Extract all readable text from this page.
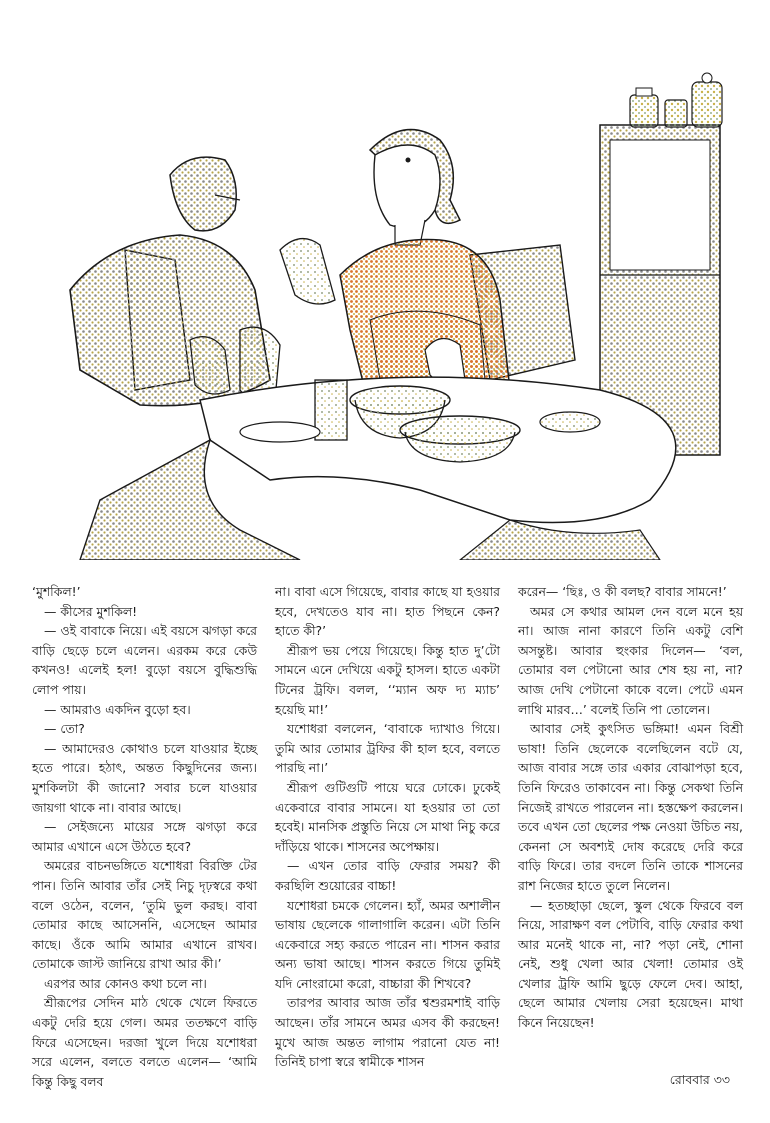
‘মুশকিল!’

— কীসের মুশকিল!

— ওই বাবাকে নিয়ে। এই বয়সে ঝগড়া করে বাড়ি ছেড়ে চলে এলেন। এরকম করে কেউ কখনও! এলেই হল! বুড়ো বয়সে বুদ্ধিশুদ্ধি লোপ পায়।

— আমরাও একদিন বুড়ো হব।

— তো?

— আমাদেরও কোথাও চলে যাওয়ার ইচ্ছে হতে পারে। হঠাৎ, অন্তত কিছুদিনের জন্য। মুশকিলটা কী জানো? সবার চলে যাওয়ার জায়গা থাকে না। বাবার আছে।

— সেইজন্যে মায়ের সঙ্গে ঝগড়া করে আমার এখানে এসে উঠতে হবে?

অমরের বাচনভঙ্গিতে যশোধরা বিরক্তি টের পান। তিনি আবার তাঁর সেই নিচু দৃঢ়স্বরে কথা বলে ওঠেন, বলেন, ‘তুমি ভুল করছ। বাবা তোমার কাছে আসেননি, এসেছেন আমার কাছে। ওঁকে আমি আমার এখানে রাখব। তোমাকে জাস্ট জানিয়ে রাখা আর কী।’

এরপর আর কোনও কথা চলে না।

শ্রীরূপের সেদিন মাঠ থেকে খেলে ফিরতে একটু দেরি হয়ে গেল। অমর ততক্ষণে বাড়ি ফিরে এসেছেন। দরজা খুলে দিয়ে যশোধরা সরে এলেন, বলতে বলতে এলেন— ‘আমি কিন্তু কিছু বলব

না। বাবা এসে গিয়েছে, বাবার কাছে যা হওয়ার হবে, দেখতেও যাব না। হাত পিছনে কেন? হাতে কী?’

শ্রীরূপ ভয় পেয়ে গিয়েছে। কিন্তু হাত দু’টো সামনে এনে দেখিয়ে একটু হাসল। হাতে একটা টিনের ট্রফি। বলল, ‘‘ম্যান অফ দ্য ম্যাচ’ হয়েছি মা!’

যশোধরা বললেন, ‘বাবাকে দ্যাখাও গিয়ে। তুমি আর তোমার ট্রফির কী হাল হবে, বলতে পারছি না।’

শ্রীরূপ গুটিগুটি পায়ে ঘরে ঢোকে। ঢুকেই একেবারে বাবার সামনে। যা হওয়ার তা তো হবেই। মানসিক প্রস্তুতি নিয়ে সে মাথা নিচু করে দাঁড়িয়ে থাকে। শাসনের অপেক্ষায়।

— এখন তোর বাড়ি ফেরার সময়? কী করছিলি শুয়োরের বাচ্চা!

যশোধরা চমকে গেলেন। হ্যাঁ, অমর অশালীন ভাষায় ছেলেকে গালাগালি করেন। এটা তিনি একেবারে সহ্য করতে পারেন না। শাসন করার অন্য ভাষা আছে। শাসন করতে গিয়ে তুমিই যদি নোংরামো করো, বাচ্চারা কী শিখবে?

তারপর আবার আজ তাঁর শ্বশুরমশাই বাড়ি আছেন। তাঁর সামনে অমর এসব কী করছেন! মুখে আজ অন্তত লাগাম পরানো যেত না! তিনিই চাপা স্বরে স্বামীকে শাসন

করেন— ‘ছিঃ, ও কী বলছ? বাবার সামনে!’

অমর সে কথার আমল দেন বলে মনে হয় না। আজ নানা কারণে তিনি একটু বেশি অসন্তুষ্ট। আবার হুংকার দিলেন— ‘বল, তোমার বল পেটানো আর শেষ হয় না, না? আজ দেখি পেটানো কাকে বলে। পেটে এমন লাথি মারব…’ বলেই তিনি পা তোলেন।

আবার সেই কুৎসিত ভঙ্গিমা! এমন বিশ্রী ভাষা! তিনি ছেলেকে বলেছিলেন বটে যে, আজ বাবার সঙ্গে তার একার বোঝাপড়া হবে, তিনি ফিরেও তাকাবেন না। কিন্তু সেকথা তিনি নিজেই রাখতে পারলেন না। হস্তক্ষেপ করলেন। তবে এখন তো ছেলের পক্ষ নেওয়া উচিত নয়, কেননা সে অবশ্যই দোষ করেছে দেরি করে বাড়ি ফিরে। তার বদলে তিনি তাকে শাসনের রাশ নিজের হাতে তুলে নিলেন।

— হতচ্ছাড়া ছেলে, স্কুল থেকে ফিরবে বল নিয়ে, সারাক্ষণ বল পেটাবি, বাড়ি ফেরার কথা আর মনেই থাকে না, না? পড়া নেই, শোনা নেই, শুধু খেলা আর খেলা! তোমার ওই খেলার ট্রফি আমি ছুড়ে ফেলে দেব। আহা, ছেলে আমার খেলায় সেরা হয়েছেন। মাথা কিনে নিয়েছেন!

রোববার ৩৩
